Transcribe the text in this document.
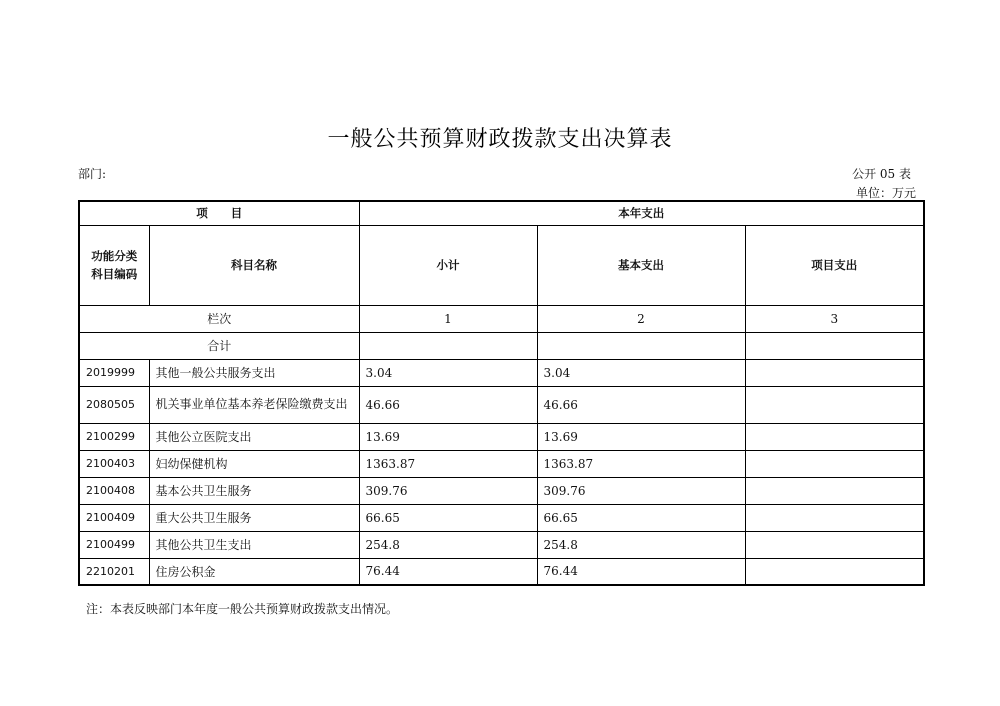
一般公共预算财政拨款支出决算表
部门:	公开 05 表
单位：万元
项　　目		本年支出		
功能分类
科目编码	科目名称	小计	基本支出	项目支出
栏次		1	2	3
合计				
2019999	其他一般公共服务支出	3.04	3.04	
2080505	机关事业单位基本养老保险缴费支出	46.66	46.66	
2100299	其他公立医院支出	13.69	13.69	
2100403	妇幼保健机构	1363.87	1363.87	
2100408	基本公共卫生服务	309.76	309.76	
2100409	重大公共卫生服务	66.65	66.65	
2100499	其他公共卫生支出	254.8	254.8	
2210201	住房公积金	76.44	76.44	
注：本表反映部门本年度一般公共预算财政拨款支出情况。
